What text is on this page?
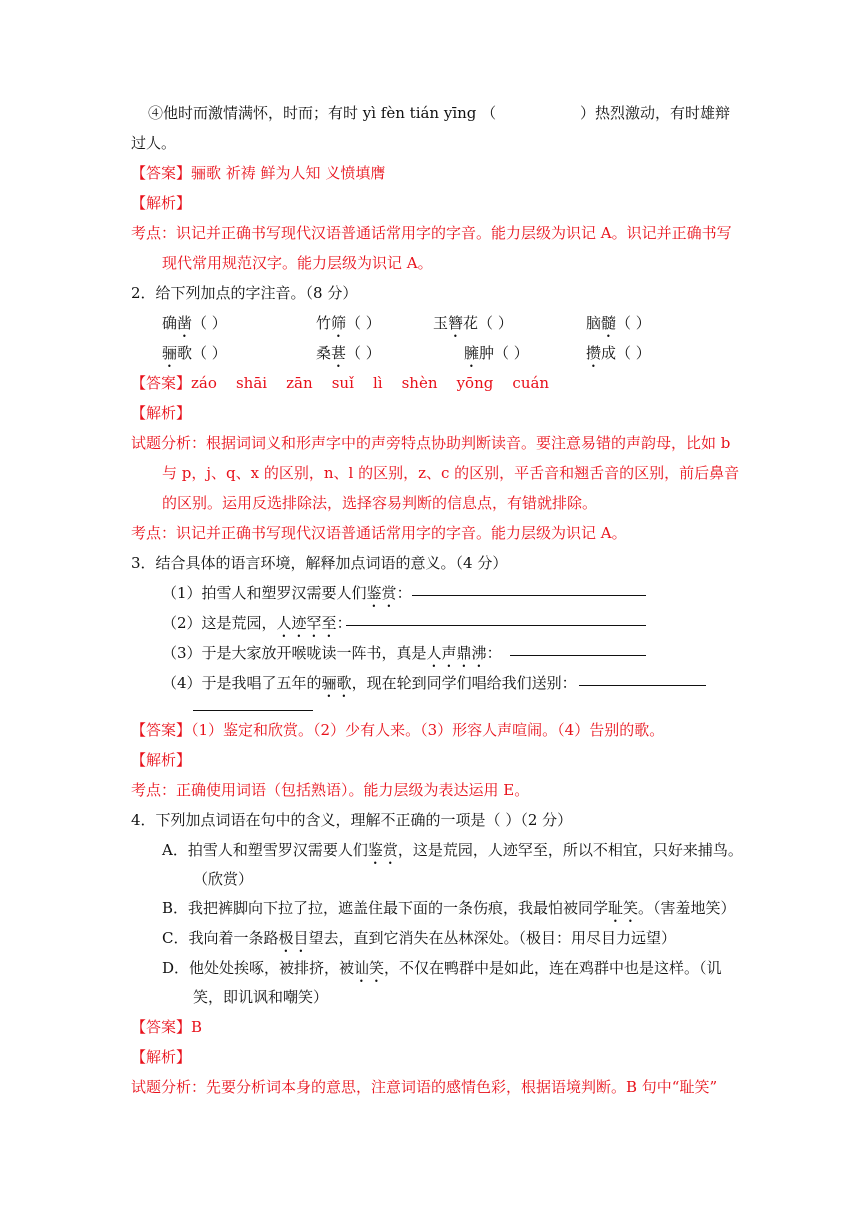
④他时而激情满怀，时而；有时 yì fèn tián yīng （	）热烈激动，有时雄辩
过人。
【答案】骊歌 祈祷 鲜为人知 义愤填膺
【解析】
考点：识记并正确书写现代汉语普通话常用字的字音。能力层级为识记 A。识记并正确书写
现代常用规范汉字。能力层级为识记 A。
2．给下列加点的字注音。（8 分）
确凿（ ）	竹筛（ ）	玉簪花（ ）	脑髓（ ）
骊歌（ ）	桑葚（ ）	臃肿（ ）	攒成（ ）
【答案】záo    shāi    zān    suǐ    lì    shèn    yōng    cuán
【解析】
试题分析：根据词词义和形声字中的声旁特点协助判断读音。要注意易错的声韵母，比如 b
与 p，j、q、x 的区别，n、l 的区别，z、c 的区别，平舌音和翘舌音的区别，前后鼻音
的区别。运用反选排除法，选择容易判断的信息点，有错就排除。
考点：识记并正确书写现代汉语普通话常用字的字音。能力层级为识记 A。
3．结合具体的语言环境，解释加点词语的意义。（4 分）
（1）拍雪人和塑罗汉需要人们鉴赏：
（2）这是荒园，人迹罕至：
（3）于是大家放开喉咙读一阵书，真是人声鼎沸：
（4）于是我唱了五年的骊歌，现在轮到同学们唱给我们送别：
【答案】（1）鉴定和欣赏。（2）少有人来。（3）形容人声喧闹。（4）告别的歌。
【解析】
考点：正确使用词语（包括熟语）。能力层级为表达运用 E。
4．下列加点词语在句中的含义，理解不正确的一项是（ ）（2 分）
A．拍雪人和塑雪罗汉需要人们鉴赏，这是荒园，人迹罕至，所以不相宜，只好来捕鸟。
（欣赏）
B．我把裤脚向下拉了拉，遮盖住最下面的一条伤痕，我最怕被同学耻笑。（害羞地笑）
C．我向着一条路极目望去，直到它消失在丛林深处。（极目：用尽目力远望）
D．他处处挨啄，被排挤，被讪笑，不仅在鸭群中是如此，连在鸡群中也是这样。（讥
笑，即讥讽和嘲笑）
【答案】B
【解析】
试题分析：先要分析词本身的意思，注意词语的感情色彩，根据语境判断。B 句中“耻笑”
